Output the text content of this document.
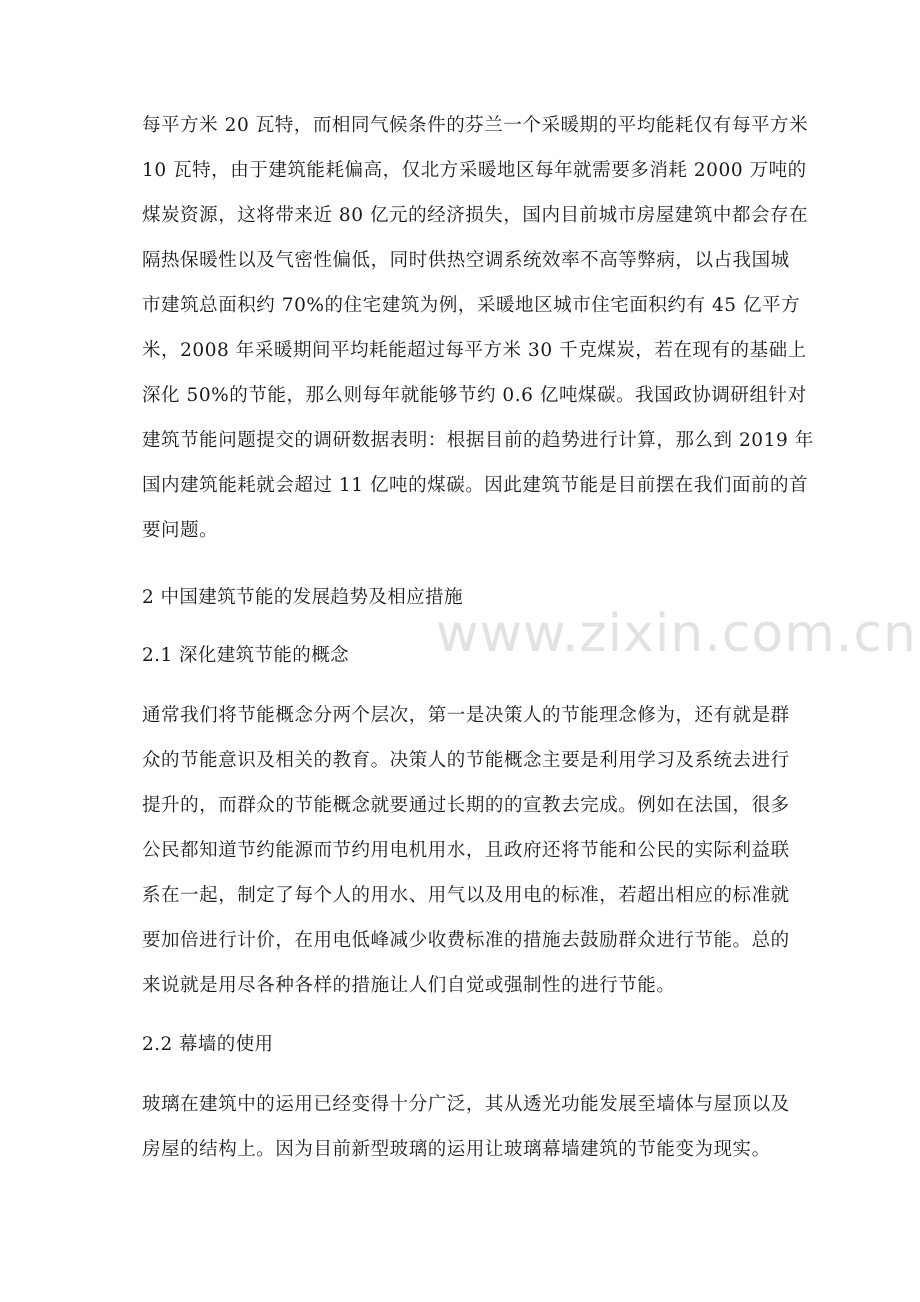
每平方米 20 瓦特，而相同气候条件的芬兰一个采暖期的平均能耗仅有每平方米
10 瓦特，由于建筑能耗偏高，仅北方采暖地区每年就需要多消耗 2000 万吨的
煤炭资源，这将带来近 80 亿元的经济损失，国内目前城市房屋建筑中都会存在
隔热保暖性以及气密性偏低，同时供热空调系统效率不高等弊病，以占我国城
市建筑总面积约 70%的住宅建筑为例，采暖地区城市住宅面积约有 45 亿平方
米，2008 年采暖期间平均耗能超过每平方米 30 千克煤炭，若在现有的基础上
深化 50%的节能，那么则每年就能够节约 0.6 亿吨煤碳。我国政协调研组针对
建筑节能问题提交的调研数据表明：根据目前的趋势进行计算，那么到 2019 年
国内建筑能耗就会超过 11 亿吨的煤碳。因此建筑节能是目前摆在我们面前的首
要问题。
2 中国建筑节能的发展趋势及相应措施
2.1 深化建筑节能的概念
通常我们将节能概念分两个层次，第一是决策人的节能理念修为，还有就是群
众的节能意识及相关的教育。决策人的节能概念主要是利用学习及系统去进行
提升的，而群众的节能概念就要通过长期的的宣教去完成。例如在法国，很多
公民都知道节约能源而节约用电机用水，且政府还将节能和公民的实际利益联
系在一起，制定了每个人的用水、用气以及用电的标准，若超出相应的标准就
要加倍进行计价，在用电低峰减少收费标准的措施去鼓励群众进行节能。总的
来说就是用尽各种各样的措施让人们自觉或强制性的进行节能。
2.2 幕墙的使用
玻璃在建筑中的运用已经变得十分广泛，其从透光功能发展至墙体与屋顶以及
房屋的结构上。因为目前新型玻璃的运用让玻璃幕墙建筑的节能变为现实。
www.zixin.com.cn
